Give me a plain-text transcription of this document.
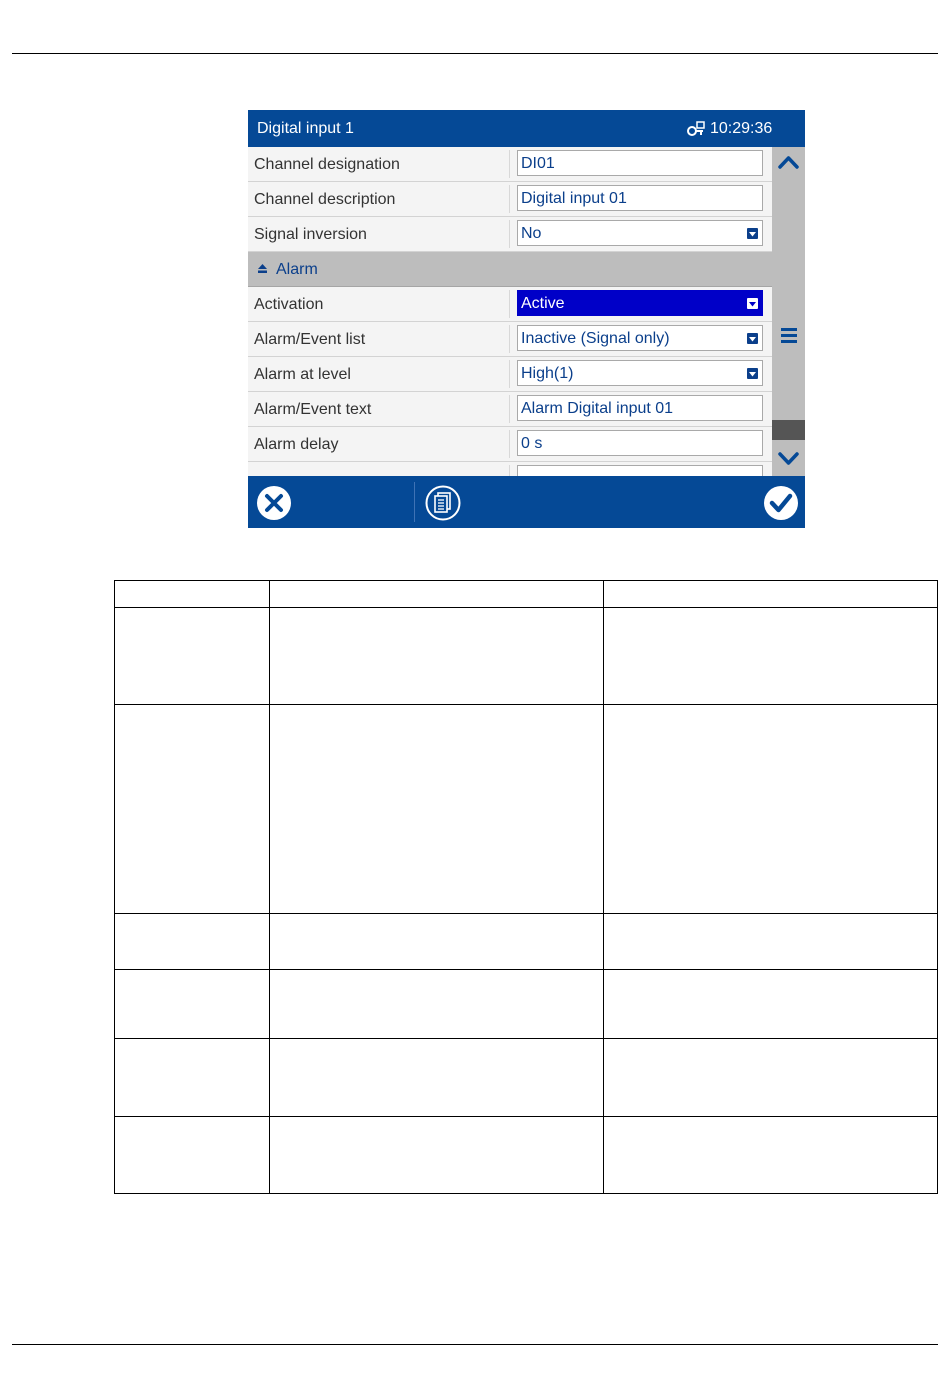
Digital input 1	10:29:36
Channel designation	DI01
Channel description	Digital input 01
Signal inversion	No
Alarm
Activation	Active
Alarm/Event list	Inactive (Signal only)
Alarm at level	High(1)
Alarm/Event text	Alarm Digital input 01
Alarm delay	0 s
